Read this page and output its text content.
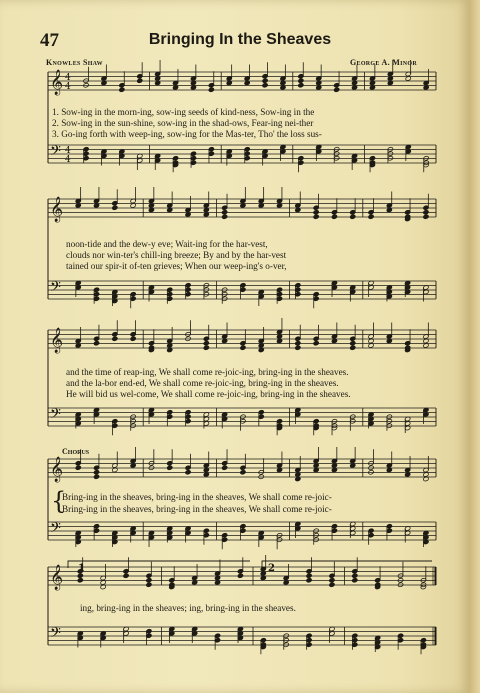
47	Bringing In the Sheaves
Knowles Shaw	George A. Minor
𝄞
𝄢
4
4
4
4
𝄞
𝄢
𝄞
𝄢
𝄞
𝄢
𝄞
𝄢
1	2
1. Sow-ing in the morn-ing, sow-ing seeds of kind-ness, Sow-ing in the
2. Sow-ing in the sun-shine, sow-ing in the shad-ows, Fear-ing nei-ther
3. Go-ing forth with weep-ing, sow-ing for the Mas-ter, Tho' the loss sus-
noon-tide and the dew-y eve; Wait-ing for the har-vest,
clouds nor win-ter's chill-ing breeze; By and by the har-vest
tained our spir-it of-ten grieves; When our weep-ing's o-ver,
and the time of reap-ing, We shall come re-joic-ing, bring-ing in the sheaves.
and the la-bor end-ed, We shall come re-joic-ing, bring-ing in the sheaves.
He will bid us wel-come, We shall come re-joic-ing, bring-ing in the sheaves.
Chorus
{
Bring-ing in the sheaves, bring-ing in the sheaves, We shall come re-joic-
Bring-ing in the sheaves, bring-ing in the sheaves, We shall come re-joic-
ing, bring-ing in the sheaves; ing, bring-ing in the sheaves.
